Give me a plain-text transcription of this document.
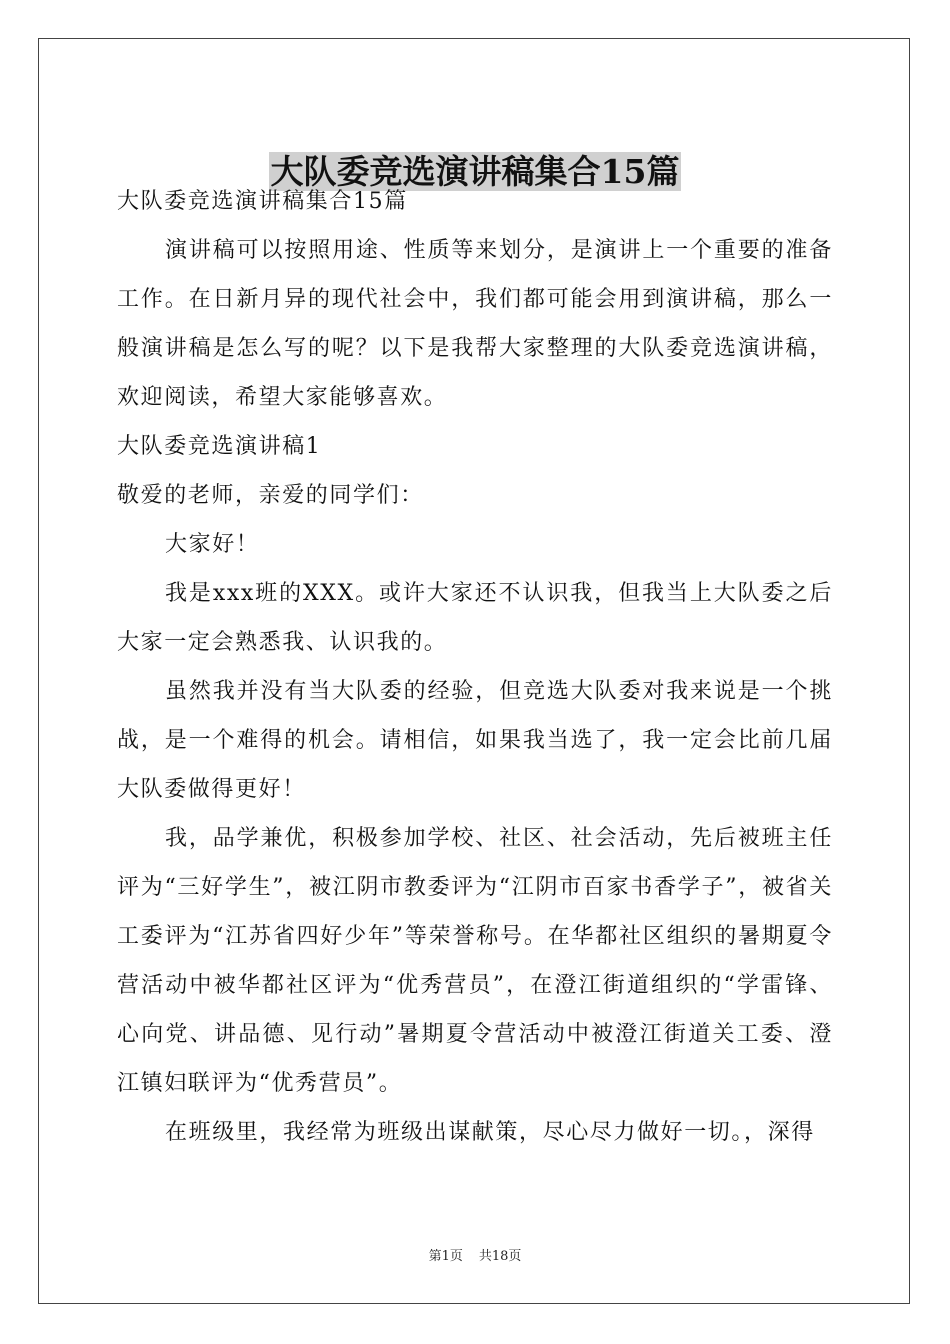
大队委竞选演讲稿集合15篇

大队委竞选演讲稿集合15篇

演讲稿可以按照用途、性质等来划分，是演讲上一个重要的准备工作。在日新月异的现代社会中，我们都可能会用到演讲稿，那么一般演讲稿是怎么写的呢？以下是我帮大家整理的大队委竞选演讲稿，欢迎阅读，希望大家能够喜欢。

大队委竞选演讲稿1

敬爱的老师，亲爱的同学们：

大家好！

我是xxx班的XXX。或许大家还不认识我，但我当上大队委之后大家一定会熟悉我、认识我的。

虽然我并没有当大队委的经验，但竞选大队委对我来说是一个挑战，是一个难得的机会。请相信，如果我当选了，我一定会比前几届大队委做得更好！

我，品学兼优，积极参加学校、社区、社会活动，先后被班主任评为“三好学生”，被江阴市教委评为“江阴市百家书香学子”，被省关工委评为“江苏省四好少年”等荣誉称号。在华都社区组织的暑期夏令营活动中被华都社区评为“优秀营员”，在澄江街道组织的“学雷锋、心向党、讲品德、见行动”暑期夏令营活动中被澄江街道关工委、澄江镇妇联评为“优秀营员”。

在班级里，我经常为班级出谋献策，尽心尽力做好一切。，深得

第1页 共18页
